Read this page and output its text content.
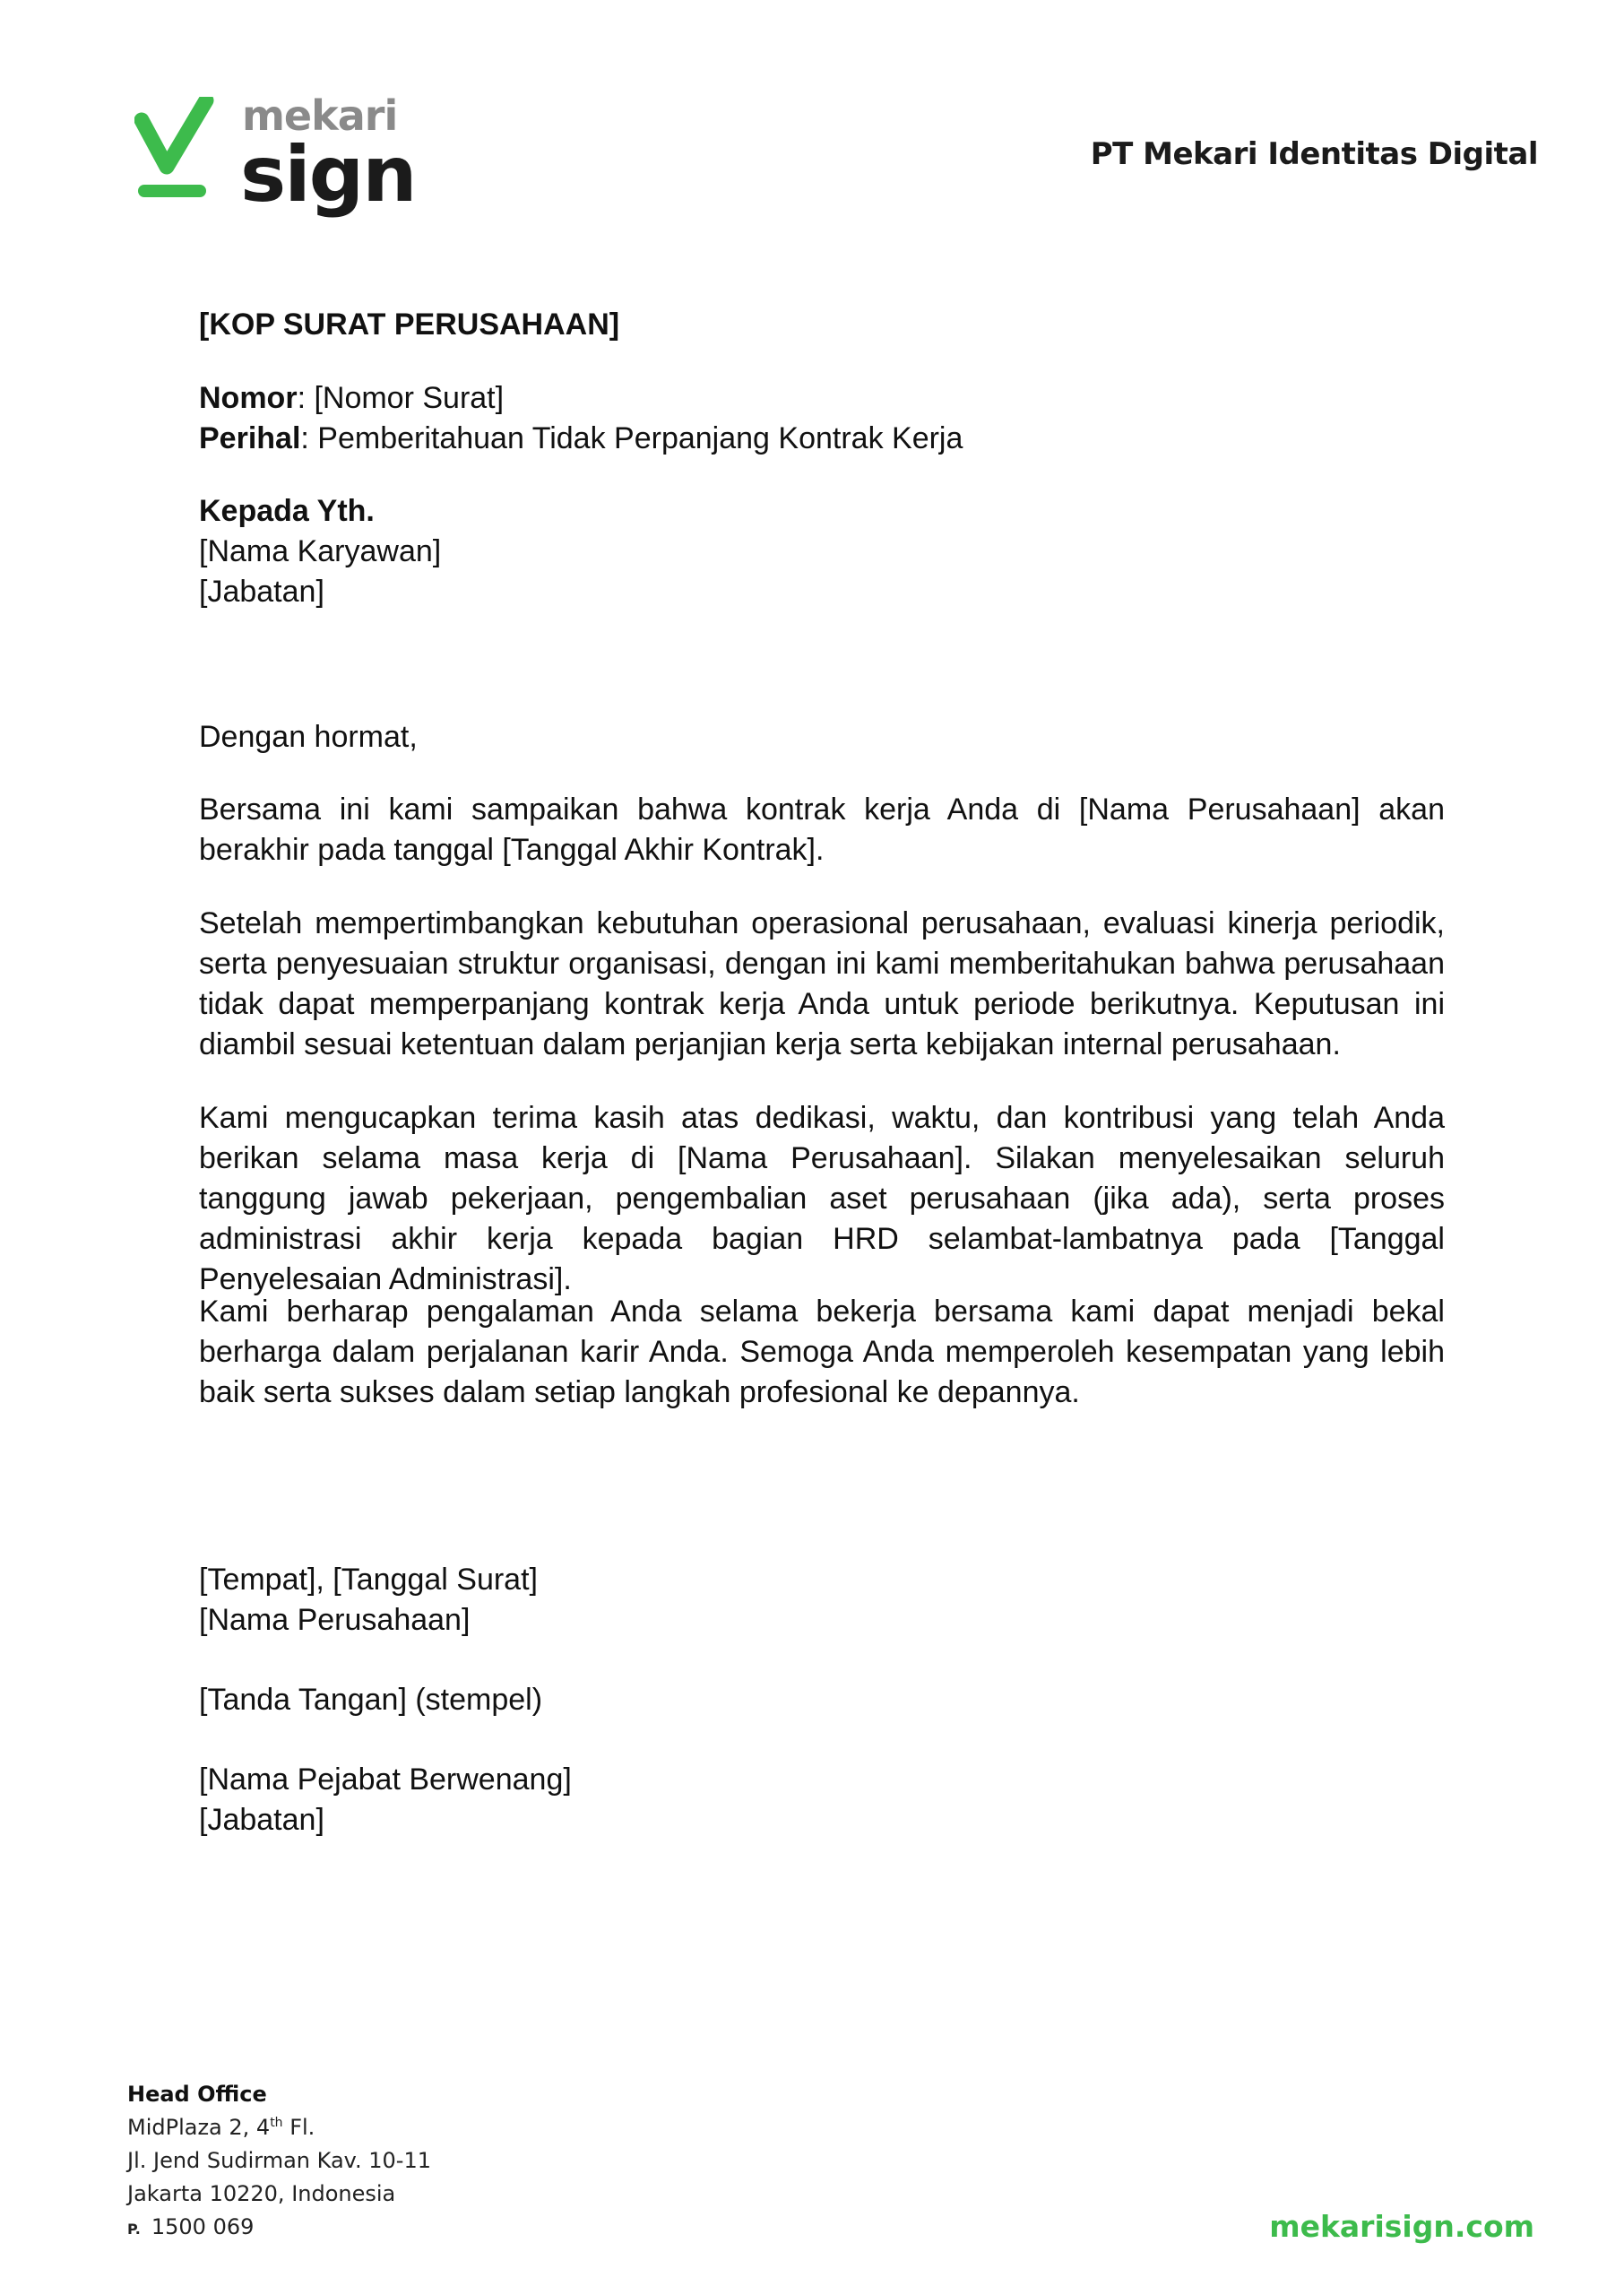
mekari
sign	PT Mekari Identitas Digital

[KOP SURAT PERUSAHAAN]

Nomor: [Nomor Surat]

Perihal: Pemberitahuan Tidak Perpanjang Kontrak Kerja

Kepada Yth.

[Nama Karyawan]

[Jabatan]

Dengan hormat,

Bersama ini kami sampaikan bahwa kontrak kerja Anda di [Nama Perusahaan] akan berakhir pada tanggal [Tanggal Akhir Kontrak].

Setelah mempertimbangkan kebutuhan operasional perusahaan, evaluasi kinerja periodik, serta penyesuaian struktur organisasi, dengan ini kami memberitahukan bahwa perusahaan tidak dapat memperpanjang kontrak kerja Anda untuk periode berikutnya. Keputusan ini diambil sesuai ketentuan dalam perjanjian kerja serta kebijakan internal perusahaan.

Kami mengucapkan terima kasih atas dedikasi, waktu, dan kontribusi yang telah Anda berikan selama masa kerja di [Nama Perusahaan]. Silakan menyelesaikan seluruh tanggung jawab pekerjaan, pengembalian aset perusahaan (jika ada), serta proses administrasi akhir kerja kepada bagian HRD selambat-lambatnya pada [Tanggal Penyelesaian Administrasi].

Kami berharap pengalaman Anda selama bekerja bersama kami dapat menjadi bekal berharga dalam perjalanan karir Anda. Semoga Anda memperoleh kesempatan yang lebih baik serta sukses dalam setiap langkah profesional ke depannya.

[Tempat], [Tanggal Surat]

[Nama Perusahaan]

[Tanda Tangan] (stempel)

[Nama Pejabat Berwenang]

[Jabatan]

Head Office
MidPlaza 2, 4th Fl.
Jl. Jend Sudirman Kav. 10-11
Jakarta 10220, Indonesia
P. 1500 069	mekarisign.com
